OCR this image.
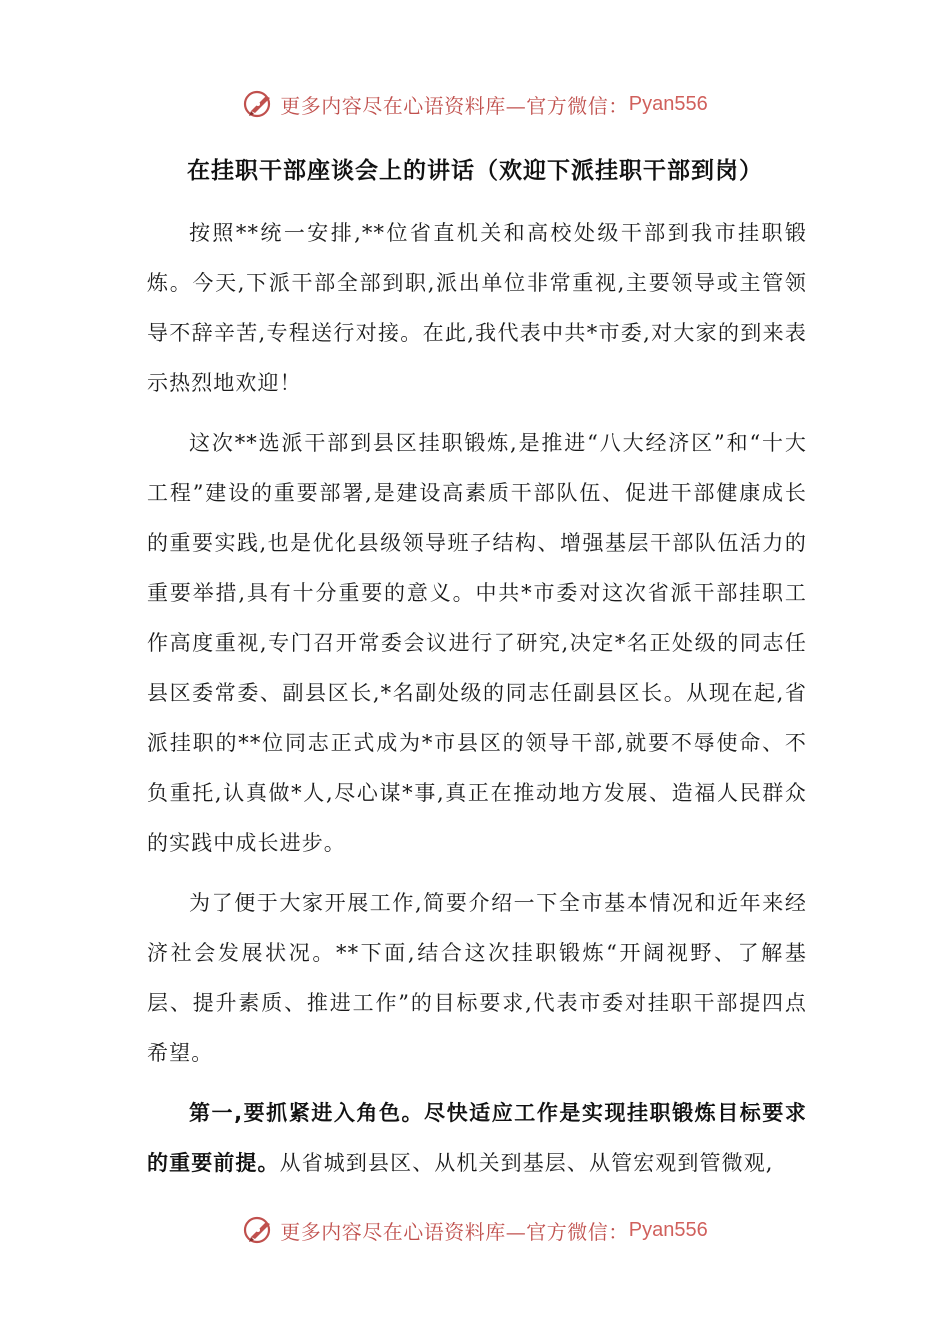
更多内容尽在心语资料库—官方微信： Pyan556
在挂职干部座谈会上的讲话（欢迎下派挂职干部到岗）

按照**统一安排,**位省直机关和高校处级干部到我市挂职锻炼。今天,下派干部全部到职,派出单位非常重视,主要领导或主管领导不辞辛苦,专程送行对接。在此,我代表中共*市委,对大家的到来表示热烈地欢迎！

这次**选派干部到县区挂职锻炼,是推进“八大经济区”和“十大工程”建设的重要部署,是建设高素质干部队伍、促进干部健康成长的重要实践,也是优化县级领导班子结构、增强基层干部队伍活力的重要举措,具有十分重要的意义。中共*市委对这次省派干部挂职工作高度重视,专门召开常委会议进行了研究,决定*名正处级的同志任县区委常委、副县区长,*名副处级的同志任副县区长。从现在起,省派挂职的**位同志正式成为*市县区的领导干部,就要不辱使命、不负重托,认真做*人,尽心谋*事,真正在推动地方发展、造福人民群众的实践中成长进步。

为了便于大家开展工作,简要介绍一下全市基本情况和近年来经济社会发展状况。**下面,结合这次挂职锻炼“开阔视野、了解基层、提升素质、推进工作”的目标要求,代表市委对挂职干部提四点希望。

第一,要抓紧进入角色。尽快适应工作是实现挂职锻炼目标要求的重要前提。从省城到县区、从机关到基层、从管宏观到管微观,

更多内容尽在心语资料库—官方微信： Pyan556
